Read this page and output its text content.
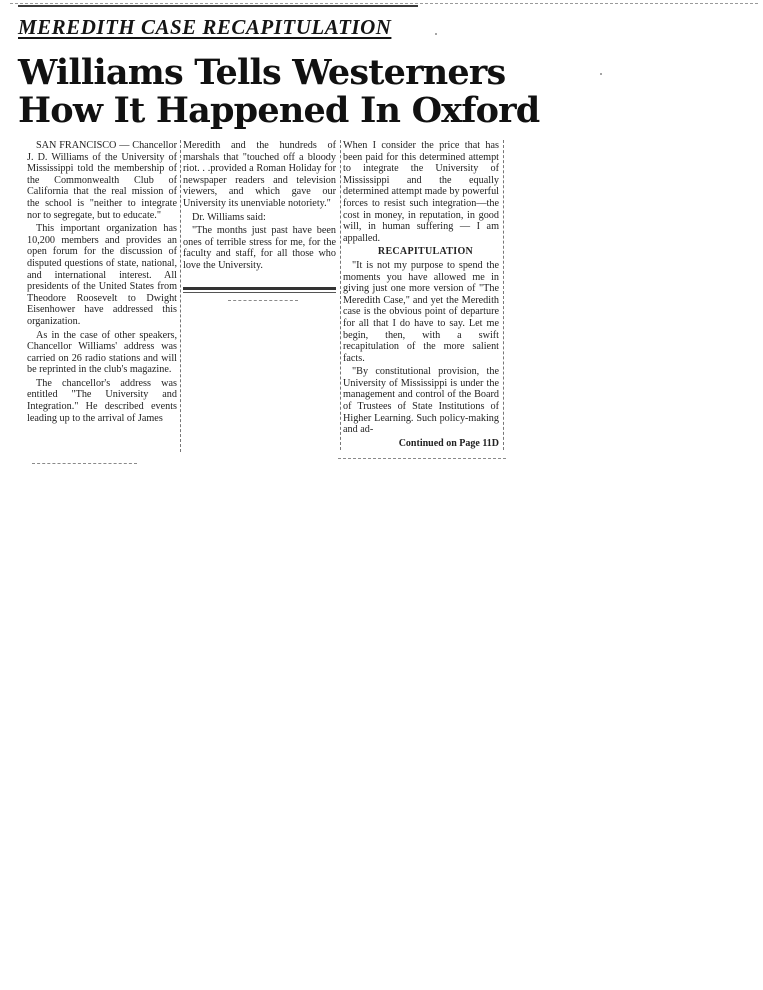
MEREDITH CASE RECAPITULATION
Williams Tells Westerners
How It Happened In Oxford

SAN FRANCISCO — Chancellor J. D. Williams of the University of Mississippi told the membership of the Commonwealth Club of California that the real mission of the school is "neither to integrate nor to segregate, but to educate."

This important organization has 10,200 members and provides an open forum for the discussion of disputed questions of state, national, and international interest. All presidents of the United States from Theodore Roosevelt to Dwight Eisenhower have addressed this organization.

As in the case of other speakers, Chancellor Williams' address was carried on 26 radio stations and will be reprinted in the club's magazine.

The chancellor's address was entitled "The University and Integration." He described events leading up to the arrival of James

Meredith and the hundreds of marshals that "touched off a bloody riot. . .provided a Roman Holiday for newspaper readers and television viewers, and which gave our University its unenviable notoriety."

Dr. Williams said:

"The months just past have been ones of terrible stress for me, for the faculty and staff, for all those who love the University.

When I consider the price that has been paid for this determined attempt to integrate the University of Mississippi and the equally determined attempt made by powerful forces to resist such integration—the cost in money, in reputation, in good will, in human suffering — I am appalled.

RECAPITULATION

"It is not my purpose to spend the moments you have allowed me in giving just one more version of "The Meredith Case," and yet the Meredith case is the obvious point of departure for all that I do have to say. Let me begin, then, with a swift recapitulation of the more salient facts.

"By constitutional provision, the University of Mississippi is under the management and control of the Board of Trustees of State Institutions of Higher Learning. Such policy-making and ad-

Continued on Page 11D
